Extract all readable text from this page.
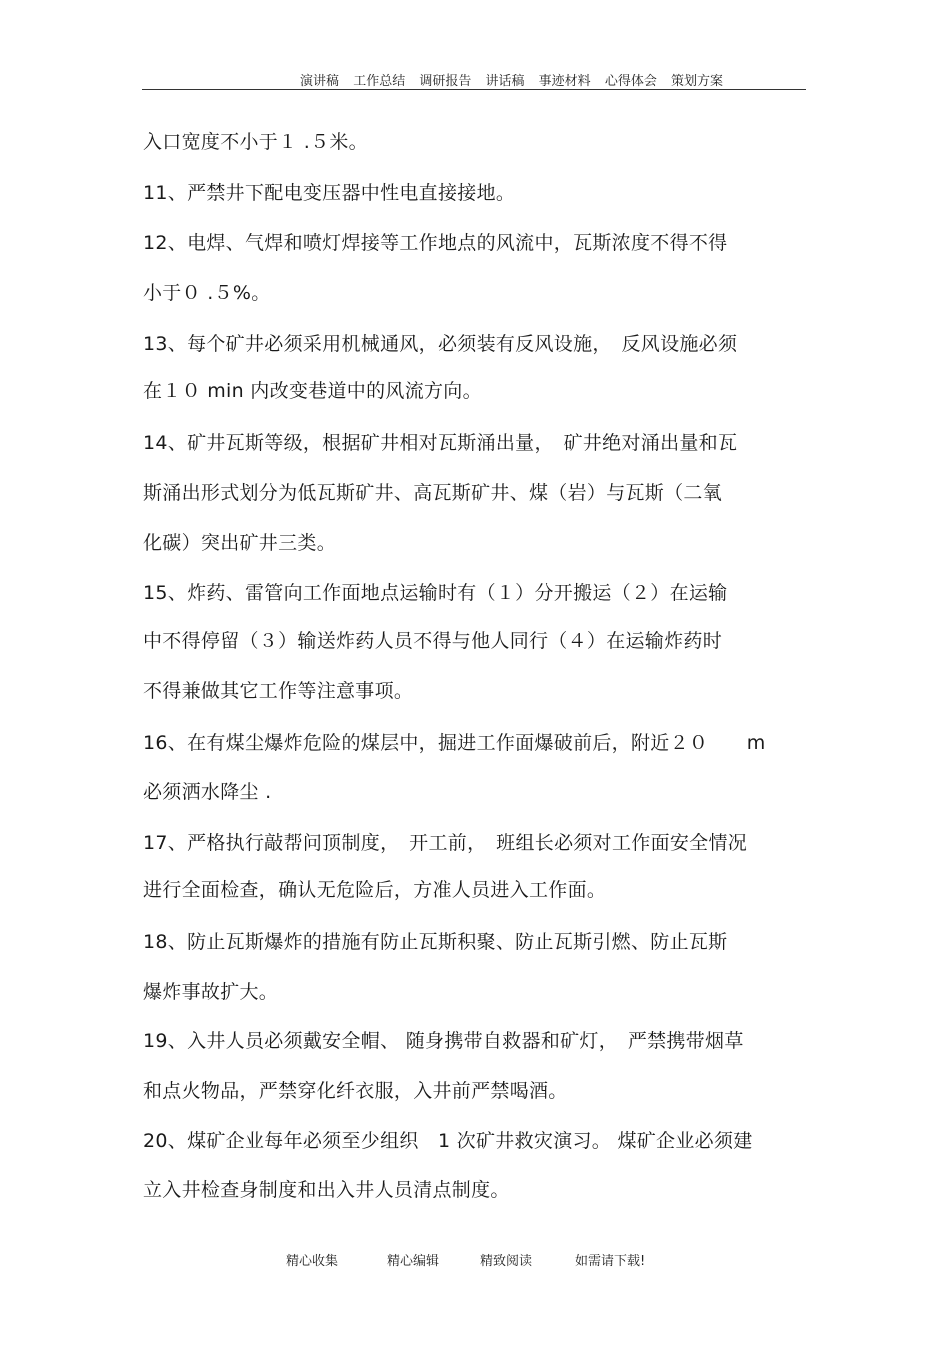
演讲稿 工作总结 调研报告 讲话稿 事迹材料 心得体会 策划方案
入口宽度不小于１ .５米。
11、严禁井下配电变压器中性电直接接地。
12、电焊、气焊和喷灯焊接等工作地点的风流中，瓦斯浓度不得不得
小于０ .５%。
13、每个矿井必须采用机械通风，必须装有反风设施，　反风设施必须
在１０ min 内改变巷道中的风流方向。
14、矿井瓦斯等级，根据矿井相对瓦斯涌出量，　矿井绝对涌出量和瓦
斯涌出形式划分为低瓦斯矿井、高瓦斯矿井、煤（岩）与瓦斯（二氧
化碳）突出矿井三类。
15、炸药、雷管向工作面地点运输时有（１）分开搬运（２）在运输
中不得停留（３）输送炸药人员不得与他人同行（４）在运输炸药时
不得兼做其它工作等注意事项。
16、在有煤尘爆炸危险的煤层中，掘进工作面爆破前后，附近２０　　m
必须洒水降尘 .
17、严格执行敲帮问顶制度，　开工前，　班组长必须对工作面安全情况
进行全面检查，确认无危险后，方准人员进入工作面。
18、防止瓦斯爆炸的措施有防止瓦斯积聚、防止瓦斯引燃、防止瓦斯
爆炸事故扩大。
19、入井人员必须戴安全帽、 随身携带自救器和矿灯，　严禁携带烟草
和点火物品，严禁穿化纤衣服，入井前严禁喝酒。
20、煤矿企业每年必须至少组织　1 次矿井救灾演习。 煤矿企业必须建
立入井检查身制度和出入井人员清点制度。
精心收集	精心编辑	精致阅读	如需请下载!
